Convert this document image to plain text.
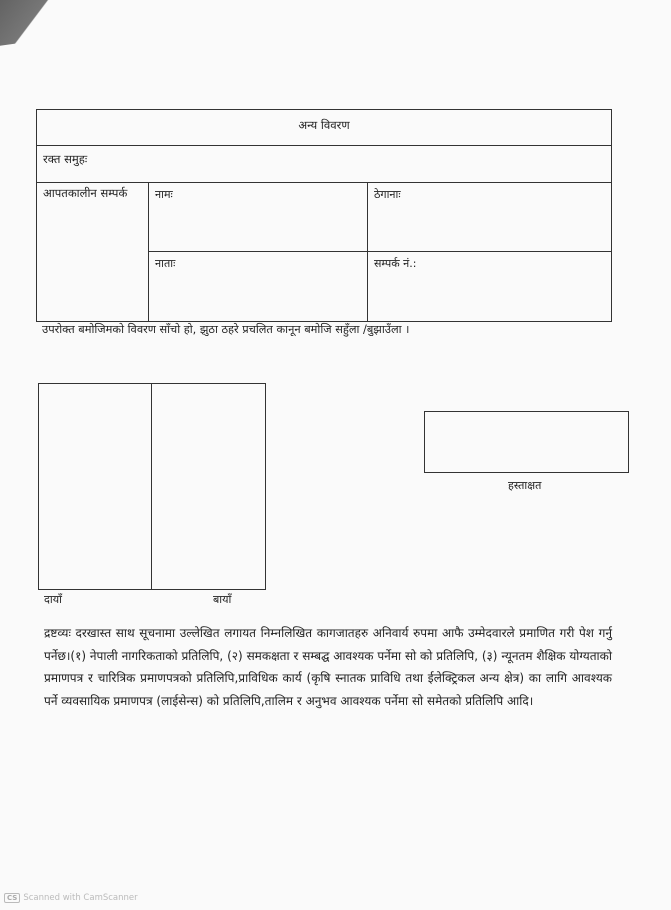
अन्य विवरण
रक्त समुहः
आपतकालीन सम्पर्क	नामः	ठेगानाः
नाताः	सम्पर्क नं.:
उपरोक्त बमोजिमको विवरण साँचो हो, झुठा ठहरे प्रचलित कानून बमोजि सहुँला /बुझाउँला ।
दायाँ	बायाँ
हस्ताक्षत
द्रष्टव्यः दरखास्त साथ सूचनामा उल्लेखित लगायत निम्नलिखित कागजातहरु अनिवार्य रुपमा आफै उम्मेदवारले प्रमाणित गरी पेश गर्नु पर्नेछ।(१) नेपाली नागरिकताको प्रतिलिपि, (२) समकक्षता र सम्बद्घ आवश्यक पर्नेमा सो को प्रतिलिपि, (३) न्यूनतम शैक्षिक योग्यताको प्रमाणपत्र र चारित्रिक प्रमाणपत्रको प्रतिलिपि,प्राविधिक कार्य (कृषि स्नातक प्राविधि तथा ईलेक्ट्रिकल अन्य क्षेत्र) का लागि आवश्यक पर्ने व्यवसायिक प्रमाणपत्र (लाईसेन्स) को प्रतिलिपि,तालिम र अनुभव आवश्यक पर्नेमा सो समेतको प्रतिलिपि आदि।
CS Scanned with CamScanner
